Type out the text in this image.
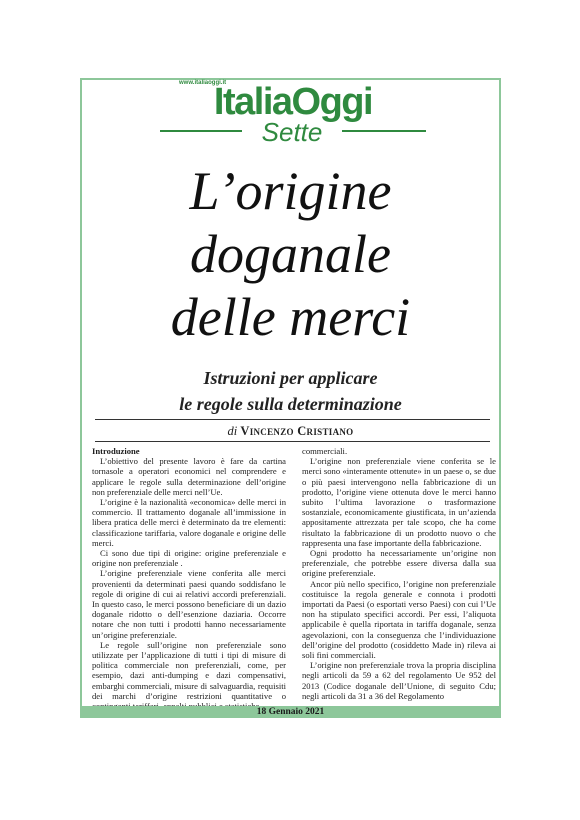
www.italiaoggi.it
ItaliaOggi
Sette
L’origine
doganale
delle merci
Istruzioni per applicare
le regole sulla determinazione
di Vincenzo Cristiano

Introduzione

L’obiettivo del presente lavoro è fare da cartina tornasole a operatori economici nel comprendere e applicare le regole sulla determinazione dell’origine non preferenziale delle merci nell’Ue.

L’origine è la nazionalità «economica» delle merci in commercio. Il trattamento doganale all’immissione in libera pratica delle merci è determinato da tre elementi: classificazione tariffaria, valore doganale e origine delle merci.

Ci sono due tipi di origine: origine preferenziale e origine non preferenziale .

L’origine preferenziale viene conferita alle merci provenienti da determinati paesi quando soddisfano le regole di origine di cui ai relativi accordi preferenziali. In questo caso, le merci possono beneficiare di un dazio doganale ridotto o dell’esenzione daziaria. Occorre notare che non tutti i prodotti hanno necessariamente un’origine preferenziale.

Le regole sull’origine non preferenziale sono utilizzate per l’applicazione di tutti i tipi di misure di politica commerciale non preferenziali, come, per esempio, dazi anti-dumping e dazi compensativi, embarghi commerciali, misure di salvaguardia, requisiti dei marchi d’origine restrizioni quantitative o

commerciali.

L’origine non preferenziale viene conferita se le merci sono «interamente ottenute» in un paese o, se due o più paesi intervengono nella fabbricazione di un prodotto, l’origine viene ottenuta dove le merci hanno subito l’ultima lavorazione o trasformazione sostanziale, economicamente giustificata, in un’azienda appositamente attrezzata per tale scopo, che ha come risultato la fabbricazione di un prodotto nuovo o che rappresenta una fase importante della fabbricazione.

Ogni prodotto ha necessariamente un’origine non preferenziale, che potrebbe essere diversa dalla sua origine preferenziale.

Ancor più nello specifico, l’origine non preferenziale costituisce la regola generale e connota i prodotti importati da Paesi (o esportati verso Paesi) con cui l’Ue non ha stipulato specifici accordi. Per essi, l’aliquota applicabile è quella riportata in tariffa doganale, senza agevolazioni, con la conseguenza che l’individuazione dell’origine del prodotto (cosiddetto Made in) rileva ai soli fini commerciali.

L’origine non preferenziale trova la propria disciplina negli articoli da 59 a 62 del regolamento Ue 952 del 2013 (Codice doganale dell’Unione, di seguito Cdu; negli articoli da 31 a 36 del Regolamento

18 Gennaio 2021
